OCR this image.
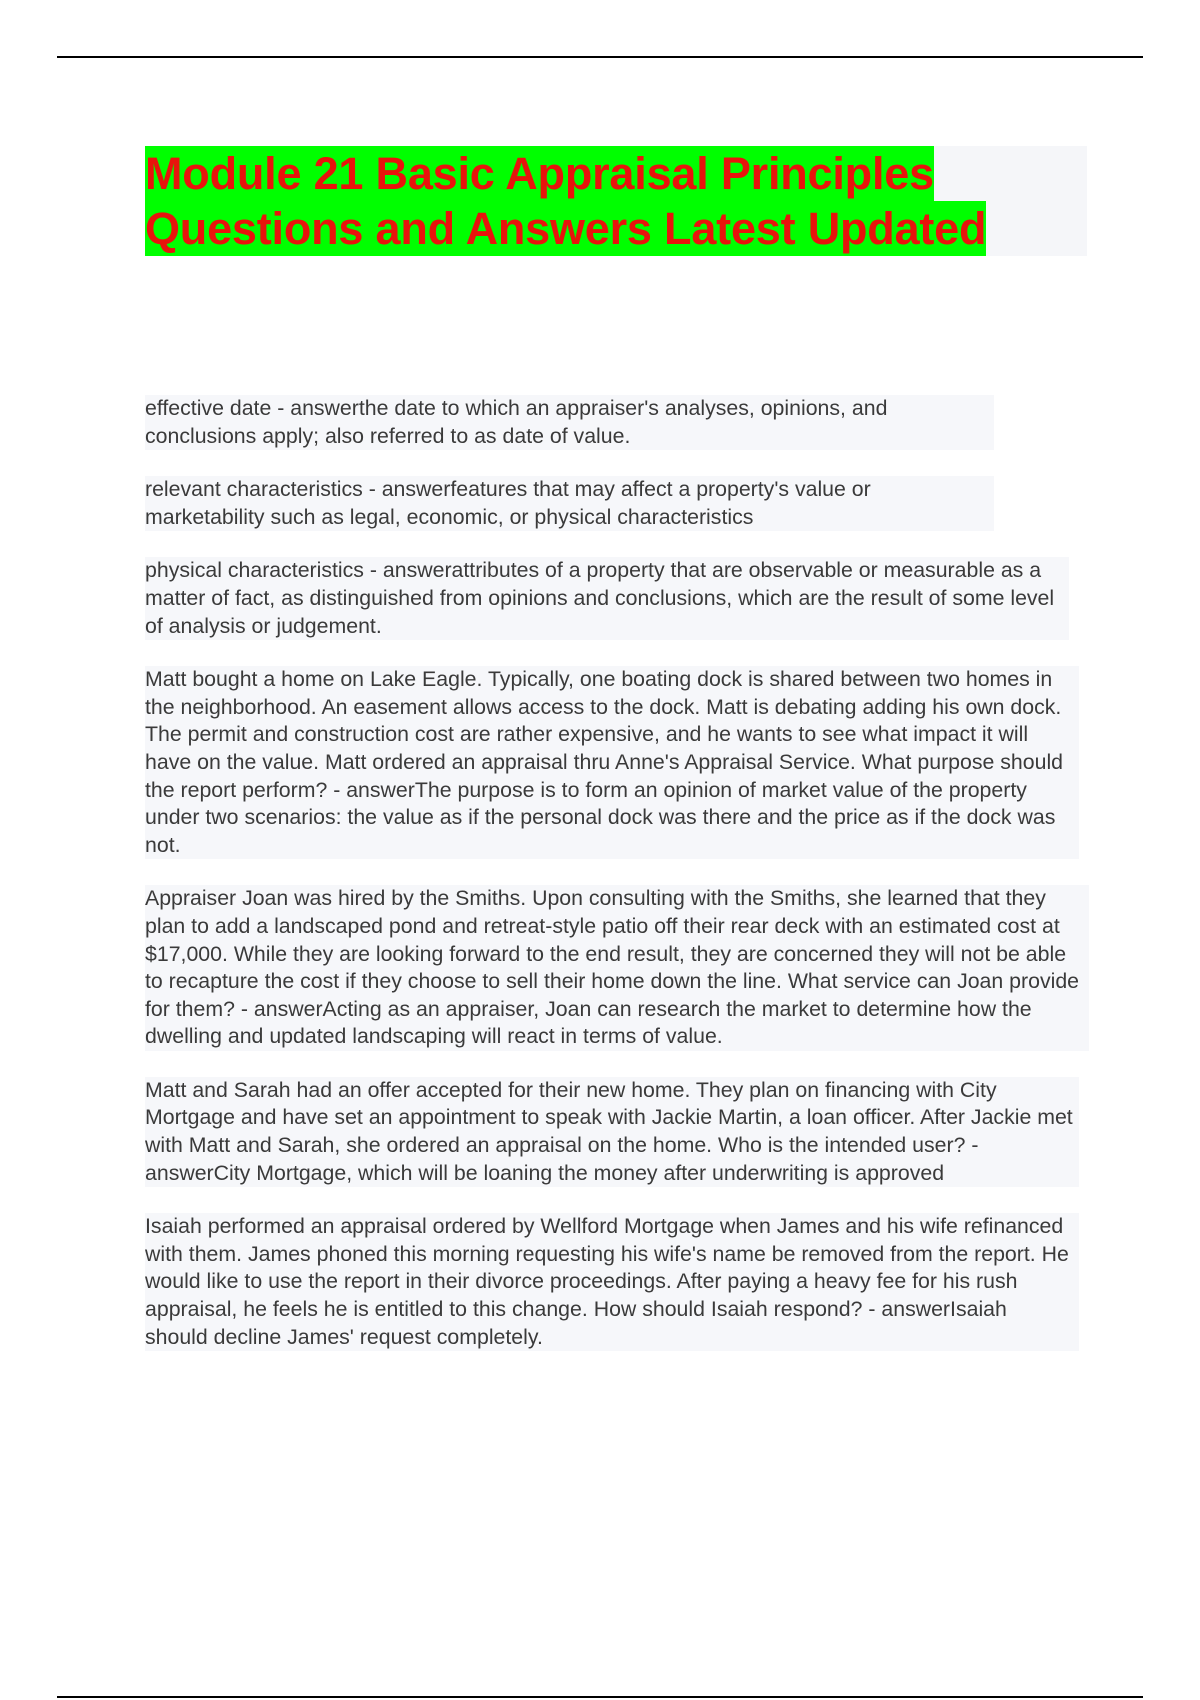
Module 21 Basic Appraisal Principles
Questions and Answers Latest Updated

effective date - answerthe date to which an appraiser's analyses, opinions, and conclusions apply; also referred to as date of value.

relevant characteristics - answerfeatures that may affect a property's value or marketability such as legal, economic, or physical characteristics

physical characteristics - answerattributes of a property that are observable or measurable as a matter of fact, as distinguished from opinions and conclusions, which are the result of some level of analysis or judgement.

Matt bought a home on Lake Eagle. Typically, one boating dock is shared between two homes in the neighborhood. An easement allows access to the dock. Matt is debating adding his own dock. The permit and construction cost are rather expensive, and he wants to see what impact it will have on the value. Matt ordered an appraisal thru Anne's Appraisal Service. What purpose should the report perform? - answerThe purpose is to form an opinion of market value of the property under two scenarios: the value as if the personal dock was there and the price as if the dock was not.

Appraiser Joan was hired by the Smiths. Upon consulting with the Smiths, she learned that they plan to add a landscaped pond and retreat-style patio off their rear deck with an estimated cost at $17,000. While they are looking forward to the end result, they are concerned they will not be able to recapture the cost if they choose to sell their home down the line. What service can Joan provide for them? - answerActing as an appraiser, Joan can research the market to determine how the dwelling and updated landscaping will react in terms of value.

Matt and Sarah had an offer accepted for their new home. They plan on financing with City Mortgage and have set an appointment to speak with Jackie Martin, a loan officer. After Jackie met with Matt and Sarah, she ordered an appraisal on the home. Who is the intended user? - answerCity Mortgage, which will be loaning the money after underwriting is approved

Isaiah performed an appraisal ordered by Wellford Mortgage when James and his wife refinanced with them. James phoned this morning requesting his wife's name be removed from the report. He would like to use the report in their divorce proceedings. After paying a heavy fee for his rush appraisal, he feels he is entitled to this change. How should Isaiah respond? - answerIsaiah should decline James' request completely.
